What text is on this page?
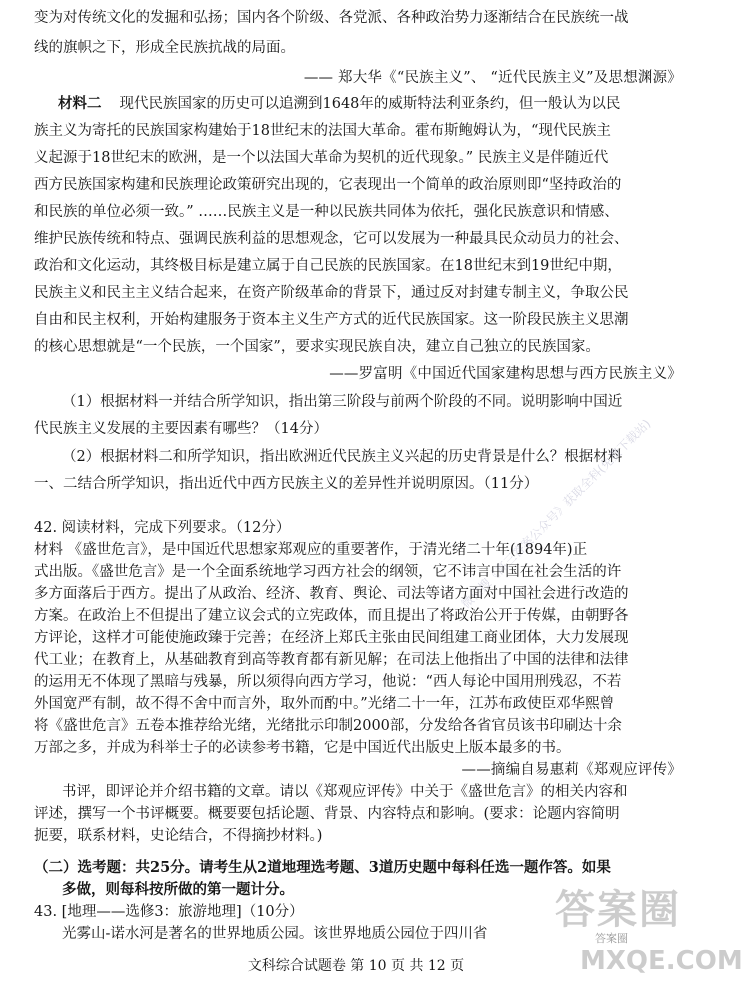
变为对传统文化的发掘和弘扬；国内各个阶级、各党派、各种政治势力逐渐结合在民族统一战
线的旗帜之下，形成全民族抗战的局面。
—— 郑大华《“民族主义”、 “近代民族主义”及思想渊源》
材料二 现代民族国家的历史可以追溯到1648年的威斯特法利亚条约，但一般认为以民
族主义为寄托的民族国家构建始于18世纪末的法国大革命。霍布斯鲍姆认为，“现代民族主
义起源于18世纪末的欧洲，是一个以法国大革命为契机的近代现象。” 民族主义是伴随近代
西方民族国家构建和民族理论政策研究出现的，它表现出一个简单的政治原则即“坚持政治的
和民族的单位必须一致。” ……民族主义是一种以民族共同体为依托，强化民族意识和情感、
维护民族传统和特点、强调民族利益的思想观念，它可以发展为一种最具民众动员力的社会、
政治和文化运动，其终极目标是建立属于自己民族的民族国家。在18世纪末到19世纪中期，
民族主义和民主主义结合起来，在资产阶级革命的背景下，通过反对封建专制主义，争取公民
自由和民主权利，开始构建服务于资本主义生产方式的近代民族国家。这一阶段民族主义思潮
的核心思想就是“一个民族，一个国家”，要求实现民族自决，建立自己独立的民族国家。
——罗富明《中国近代国家建构思想与西方民族主义》
（1）根据材料一并结合所学知识，指出第三阶段与前两个阶段的不同。说明影响中国近
代民族主义发展的主要因素有哪些？（14分）
（2）根据材料二和所学知识，指出欧洲近代民族主义兴起的历史背景是什么？根据材料
一、二结合所学知识，指出近代中西方民族主义的差异性并说明原因。（11分）
42. 阅读材料，完成下列要求。（12分）
材料 《盛世危言》，是中国近代思想家郑观应的重要著作，于清光绪二十年(1894年)正
式出版。《盛世危言》是一个全面系统地学习西方社会的纲领，它不讳言中国在社会生活的许
多方面落后于西方。提出了从政治、经济、教育、舆论、司法等诸方面对中国社会进行改造的
方案。在政治上不但提出了建立议会式的立宪政体，而且提出了将政治公开于传媒，由朝野各
方评论，这样才可能使施政臻于完善；在经济上郑氏主张由民间组建工商业团体，大力发展现
代工业；在教育上，从基础教育到高等教育都有新见解；在司法上他指出了中国的法律和法律
的运用无不体现了黑暗与残暴，所以须得向西方学习，他说：“西人每论中国用刑残忍，不若
外国宽严有制，故不得不舍中而言外，取外而酌中。”光绪二十一年，江苏布政使臣邓华熙曾
将《盛世危言》五卷本推荐给光绪，光绪批示印制2000部，分发给各省官员该书印刷达十余
万部之多，并成为科举士子的必读参考书籍，它是中国近代出版史上版本最多的书。
——摘编自易惠莉《郑观应评传》
书评，即评论并介绍书籍的文章。请以《郑观应评传》中关于《盛世危言》的相关内容和
评述，撰写一个书评概要。概要要包括论题、背景、内容特点和影响。(要求：论题内容简明
扼要，联系材料，史论结合，不得摘抄材料。)
微信搜《高三答案公众号》获取全科(免费下载站)
（二）选考题：共25分。请考生从2道地理选考题、3道历史题中每科任选一题作答。如果
多做，则每科按所做的第一题计分。
43. [地理——选修3：旅游地理]（10分）
光雾山-诺水河是著名的世界地质公园。该世界地质公园位于四川省
文科综合试题卷 第 10 页 共 12 页
答案圈
MXQE.COM
答案圈
